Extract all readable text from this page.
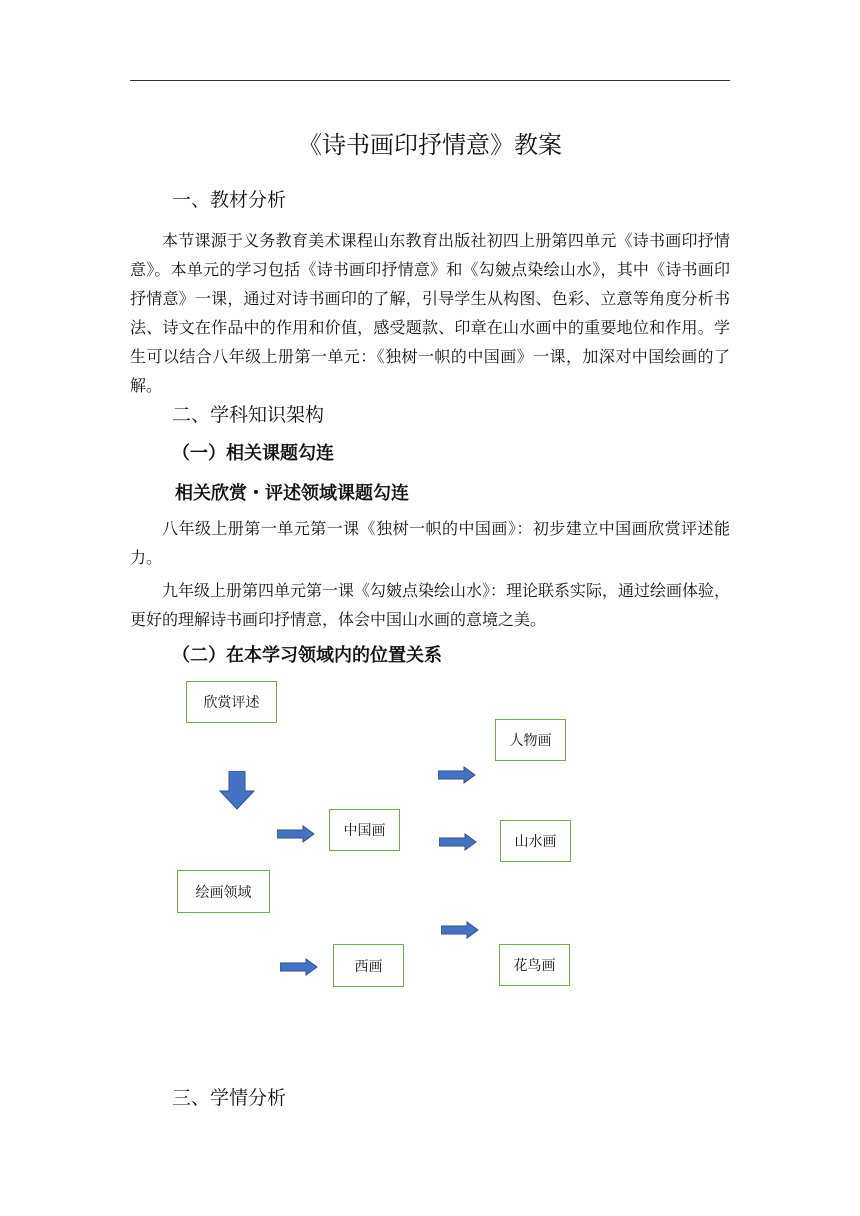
《诗书画印抒情意》教案
一、教材分析

本节课源于义务教育美术课程山东教育出版社初四上册第四单元《诗书画印抒情意》。本单元的学习包括《诗书画印抒情意》和《勾皴点染绘山水》，其中《诗书画印抒情意》一课，通过对诗书画印的了解，引导学生从构图、色彩、立意等角度分析书法、诗文在作品中的作用和价值，感受题款、印章在山水画中的重要地位和作用。学生可以结合八年级上册第一单元：《独树一帜的中国画》一课，加深对中国绘画的了解。

二、学科知识架构
（一）相关课题勾连
相关欣赏・评述领域课题勾连

八年级上册第一单元第一课《独树一帜的中国画》：初步建立中国画欣赏评述能力。

九年级上册第四单元第一课《勾皴点染绘山水》：理论联系实际，通过绘画体验，更好的理解诗书画印抒情意，体会中国山水画的意境之美。

（二）在本学习领域内的位置关系
欣赏评述
绘画领域
中国画
西画
人物画
山水画
花鸟画
三、学情分析
